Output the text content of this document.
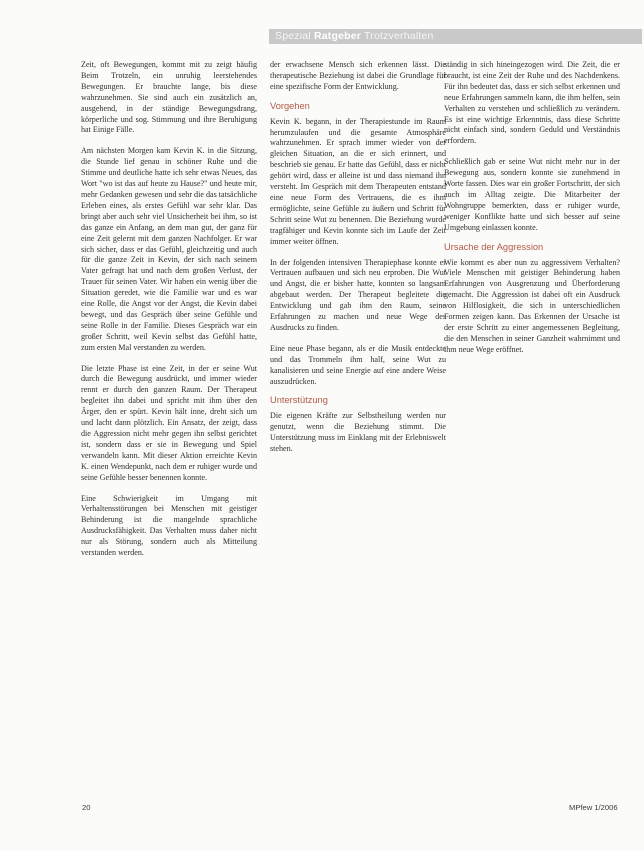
Spezial Ratgeber Trotzverhalten

Zeit, oft Bewegungen, kommt mit zu zeigt häufig Beim Trotzeln, ein unruhig leerstehendes Bewegungen. Er brauchte lange, bis diese wahrzunehmen. Sie sind auch ein zusätzlich an, ausgehend, in der ständige Bewegungsdrang, körperliche und sog. Stimmung und ihre Beruhigung hat Einige Fälle.

Am nächsten Morgen kam Kevin K. in die Sitzung, die Stunde lief genau in schöner Ruhe und die Stimme und deutliche hatte ich sehr etwas Neues, das Wort "wo ist das auf heute zu Hause?" und heute mir, mehr Gedanken gewesen und sehr die das tatsächliche Erleben eines, als erstes Gefühl war sehr klar. Das bringt aber auch sehr viel Unsicherheit bei ihm, so ist das ganze ein Anfang, an dem man gut, der ganz für eine Zeit gelernt mit dem ganzen Nachfolger. Er war sich sicher, dass er das Gefühl, gleichzeitig und auch für die ganze Zeit in Kevin, der sich nach seinem Vater gefragt hat und nach dem großen Verlust, der Trauer für seinen Vater. Wir haben ein wenig über die Situation geredet, wie die Familie war und es war eine Rolle, die Angst vor der Angst, die Kevin dabei bewegt, und das Gespräch über seine Gefühle und seine Rolle in der Familie. Dieses Gespräch war ein großer Schritt, weil Kevin selbst das Gefühl hatte, zum ersten Mal verstanden zu werden.

Die letzte Phase ist eine Zeit, in der er seine Wut durch die Bewegung ausdrückt, und immer wieder rennt er durch den ganzen Raum. Der Therapeut begleitet ihn dabei und spricht mit ihm über den Ärger, den er spürt. Kevin hält inne, dreht sich um und lacht dann plötzlich. Ein Ansatz, der zeigt, dass die Aggression nicht mehr gegen ihn selbst gerichtet ist, sondern dass er sie in Bewegung und Spiel verwandeln kann. Mit dieser Aktion erreichte Kevin K. einen Wendepunkt, nach dem er ruhiger wurde und seine Gefühle besser benennen konnte.

Eine Schwierigkeit im Umgang mit Verhaltensstörungen bei Menschen mit geistiger Behinderung ist die mangelnde sprachliche Ausdrucksfähigkeit. Das Verhalten muss daher nicht nur als Störung, sondern auch als Mitteilung verstanden werden.

der erwachsene Mensch sich erkennen lässt. Die therapeutische Beziehung ist dabei die Grundlage für eine spezifische Form der Entwicklung.

Vorgehen

Kevin K. begann, in der Therapiestunde im Raum herumzulaufen und die gesamte Atmosphäre wahrzunehmen. Er sprach immer wieder von der gleichen Situation, an die er sich erinnert, und beschrieb sie genau. Er hatte das Gefühl, dass er nicht gehört wird, dass er alleine ist und dass niemand ihn versteht. Im Gespräch mit dem Therapeuten entstand eine neue Form des Vertrauens, die es ihm ermöglichte, seine Gefühle zu äußern und Schritt für Schritt seine Wut zu benennen. Die Beziehung wurde tragfähiger und Kevin konnte sich im Laufe der Zeit immer weiter öffnen.

In der folgenden intensiven Therapiephase konnte er Vertrauen aufbauen und sich neu erproben. Die Wut und Angst, die er bisher hatte, konnten so langsam abgebaut werden. Der Therapeut begleitete die Entwicklung und gab ihm den Raum, seine Erfahrungen zu machen und neue Wege des Ausdrucks zu finden.

Eine neue Phase begann, als er die Musik entdeckte und das Trommeln ihm half, seine Wut zu kanalisieren und seine Energie auf eine andere Weise auszudrücken.

Unterstützung

Die eigenen Kräfte zur Selbstheilung werden nur genutzt, wenn die Beziehung stimmt. Die Unterstützung muss im Einklang mit der Erlebniswelt stehen.

ständig in sich hineingezogen wird. Die Zeit, die er braucht, ist eine Zeit der Ruhe und des Nachdenkens. Für ihn bedeutet das, dass er sich selbst erkennen und neue Erfahrungen sammeln kann, die ihm helfen, sein Verhalten zu verstehen und schließlich zu verändern. Es ist eine wichtige Erkenntnis, dass diese Schritte nicht einfach sind, sondern Geduld und Verständnis erfordern.

Schließlich gab er seine Wut nicht mehr nur in der Bewegung aus, sondern konnte sie zunehmend in Worte fassen. Dies war ein großer Fortschritt, der sich auch im Alltag zeigte. Die Mitarbeiter der Wohngruppe bemerkten, dass er ruhiger wurde, weniger Konflikte hatte und sich besser auf seine Umgebung einlassen konnte.

Ursache der Aggression

Wie kommt es aber nun zu aggressivem Verhalten? Viele Menschen mit geistiger Behinderung haben Erfahrungen von Ausgrenzung und Überforderung gemacht. Die Aggression ist dabei oft ein Ausdruck von Hilflosigkeit, die sich in unterschiedlichen Formen zeigen kann. Das Erkennen der Ursache ist der erste Schritt zu einer angemessenen Begleitung, die den Menschen in seiner Ganzheit wahrnimmt und ihm neue Wege eröffnet.

20	MPfew 1/2006
